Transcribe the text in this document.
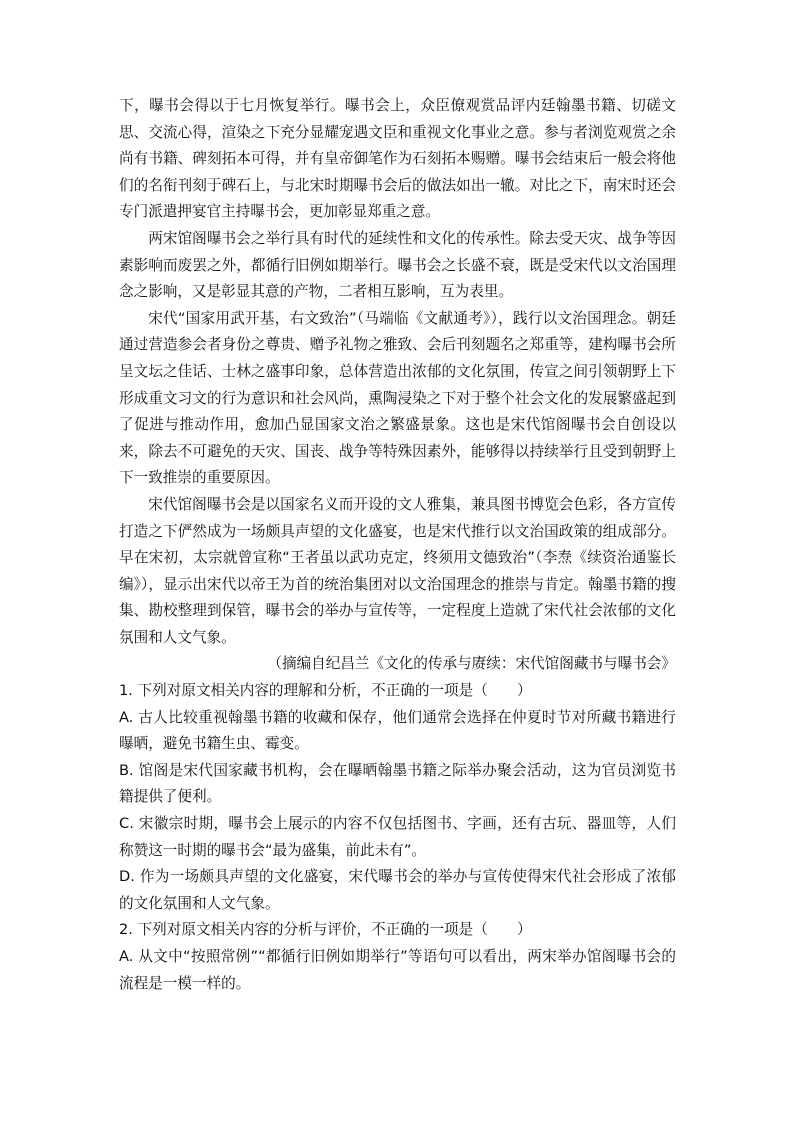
下，曝书会得以于七月恢复举行。曝书会上，众臣僚观赏品评内廷翰墨书籍、切磋文思、交流心得，渲染之下充分显耀宠遇文臣和重视文化事业之意。参与者浏览观赏之余尚有书籍、碑刻拓本可得，并有皇帝御笔作为石刻拓本赐赠。曝书会结束后一般会将他们的名衔刊刻于碑石上，与北宋时期曝书会后的做法如出一辙。对比之下，南宋时还会专门派遣押宴官主持曝书会，更加彰显郑重之意。

两宋馆阁曝书会之举行具有时代的延续性和文化的传承性。除去受天灾、战争等因素影响而废罢之外，都循行旧例如期举行。曝书会之长盛不衰，既是受宋代以文治国理念之影响，又是彰显其意的产物，二者相互影响，互为表里。

宋代“国家用武开基，右文致治”（马端临《文献通考》），践行以文治国理念。朝廷通过营造参会者身份之尊贵、赠予礼物之雅致、会后刊刻题名之郑重等，建构曝书会所呈文坛之佳话、士林之盛事印象，总体营造出浓郁的文化氛围，传宣之间引领朝野上下形成重文习文的行为意识和社会风尚，熏陶浸染之下对于整个社会文化的发展繁盛起到了促进与推动作用，愈加凸显国家文治之繁盛景象。这也是宋代馆阁曝书会自创设以来，除去不可避免的天灾、国丧、战争等特殊因素外，能够得以持续举行且受到朝野上下一致推崇的重要原因。

宋代馆阁曝书会是以国家名义而开设的文人雅集，兼具图书博览会色彩，各方宣传打造之下俨然成为一场颇具声望的文化盛宴，也是宋代推行以文治国政策的组成部分。早在宋初，太宗就曾宣称“王者虽以武功克定，终须用文德致治”（李焘《续资治通鉴长编》），显示出宋代以帝王为首的统治集团对以文治国理念的推崇与肯定。翰墨书籍的搜集、勘校整理到保管，曝书会的举办与宣传等，一定程度上造就了宋代社会浓郁的文化氛围和人文气象。

（摘编自纪昌兰《文化的传承与赓续：宋代馆阁藏书与曝书会》

1. 下列对原文相关内容的理解和分析，不正确的一项是（　　）

A. 古人比较重视翰墨书籍的收藏和保存，他们通常会选择在仲夏时节对所藏书籍进行曝晒，避免书籍生虫、霉变。

B. 馆阁是宋代国家藏书机构，会在曝晒翰墨书籍之际举办聚会活动，这为官员浏览书籍提供了便利。

C. 宋徽宗时期，曝书会上展示的内容不仅包括图书、字画，还有古玩、器皿等，人们称赞这一时期的曝书会“最为盛集，前此未有”。

D. 作为一场颇具声望的文化盛宴，宋代曝书会的举办与宣传使得宋代社会形成了浓郁的文化氛围和人文气象。

2. 下列对原文相关内容的分析与评价，不正确的一项是（　　）

A. 从文中“按照常例”“都循行旧例如期举行”等语句可以看出，两宋举办馆阁曝书会的流程是一模一样的。
